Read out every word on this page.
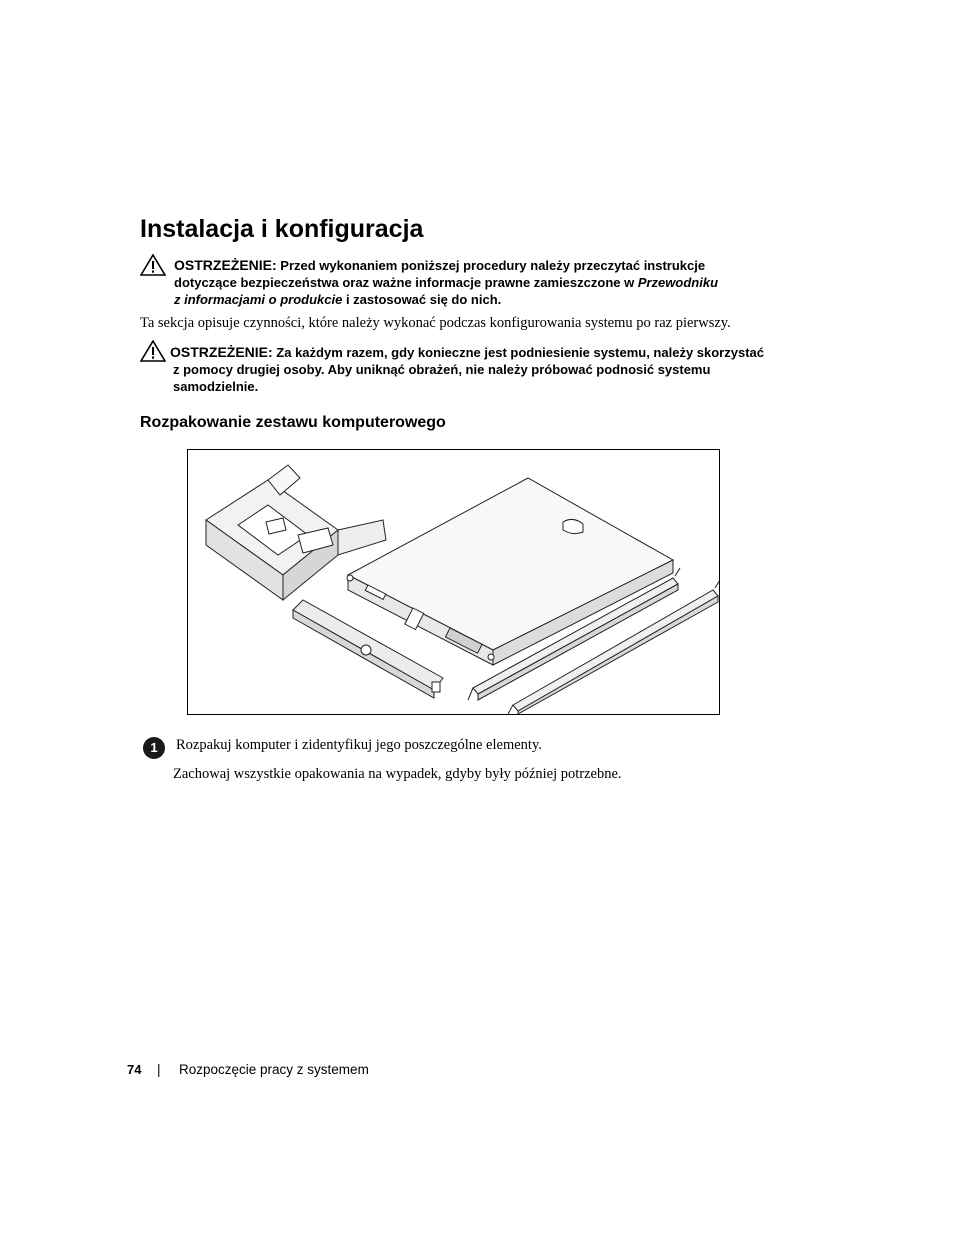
Instalacja i konfiguracja
OSTRZEŻENIE: Przed wykonaniem poniższej procedury należy przeczytać instrukcje
dotyczące bezpieczeństwa oraz ważne informacje prawne zamieszczone w Przewodniku
z informacjami o produkcie i zastosować się do nich.
Ta sekcja opisuje czynności, które należy wykonać podczas konfigurowania systemu po raz pierwszy.
OSTRZEŻENIE: Za każdym razem, gdy konieczne jest podniesienie systemu, należy skorzystać
z pomocy drugiej osoby. Aby uniknąć obrażeń, nie należy próbować podnosić systemu
samodzielnie.
Rozpakowanie zestawu komputerowego
1	Rozpakuj komputer i zidentyfikuj jego poszczególne elementy.
Zachowaj wszystkie opakowania na wypadek, gdyby były później potrzebne.
74 | Rozpoczęcie pracy z systemem
